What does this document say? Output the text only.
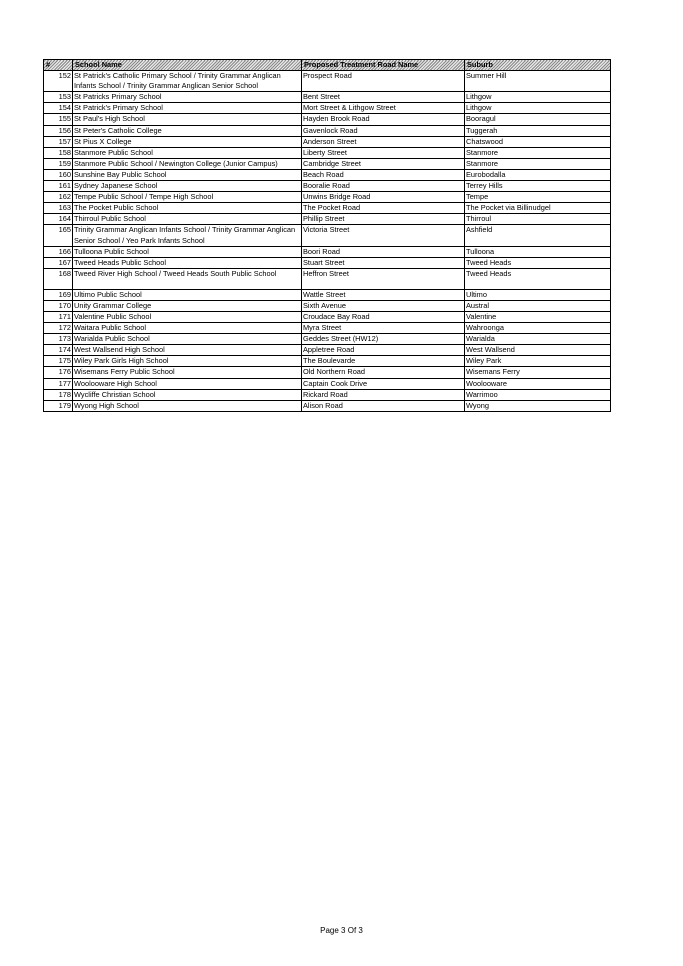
#	School Name	Proposed Treatment Road Name	Suburb
152	St Patrick's Catholic Primary School / Trinity Grammar Anglican Infants School / Trinity Grammar Anglican Senior School	Prospect Road	Summer Hill
153	St Patricks Primary School	Bent Street	Lithgow
154	St Patrick's Primary School	Mort Street & Lithgow Street	Lithgow
155	St Paul's High School	Hayden Brook Road	Booragul
156	St Peter's Catholic College	Gavenlock Road	Tuggerah
157	St Pius X College	Anderson Street	Chatswood
158	Stanmore Public School	Liberty Street	Stanmore
159	Stanmore Public School / Newington College (Junior Campus)	Cambridge Street	Stanmore
160	Sunshine Bay Public School	Beach Road	Eurobodalla
161	Sydney Japanese School	Booralie Road	Terrey Hills
162	Tempe Public School / Tempe High School	Unwins Bridge Road	Tempe
163	The Pocket Public School	The Pocket Road	The Pocket via Billinudgel
164	Thirroul Public School	Phillip Street	Thirroul
165	Trinity Grammar Anglican Infants School / Trinity Grammar Anglican Senior School / Yeo Park Infants School	Victoria Street	Ashfield
166	Tulloona Public School	Boori Road	Tulloona
167	Tweed Heads Public School	Stuart Street	Tweed Heads
168	Tweed River High School / Tweed Heads South Public School	Heffron Street	Tweed Heads
169	Ultimo Public School	Wattle Street	Ultimo
170	Unity Grammar College	Sixth Avenue	Austral
171	Valentine Public School	Croudace Bay Road	Valentine
172	Waitara Public School	Myra Street	Wahroonga
173	Warialda Public School	Geddes Street (HW12)	Warialda
174	West Wallsend High School	Appletree Road	West Wallsend
175	Wiley Park Girls High School	The Boulevarde	Wiley Park
176	Wisemans Ferry Public School	Old Northern Road	Wisemans Ferry
177	Woolooware High School	Captain Cook Drive	Woolooware
178	Wycliffe Christian School	Rickard Road	Warrimoo
179	Wyong High School	Alison Road	Wyong
Page 3 Of 3
